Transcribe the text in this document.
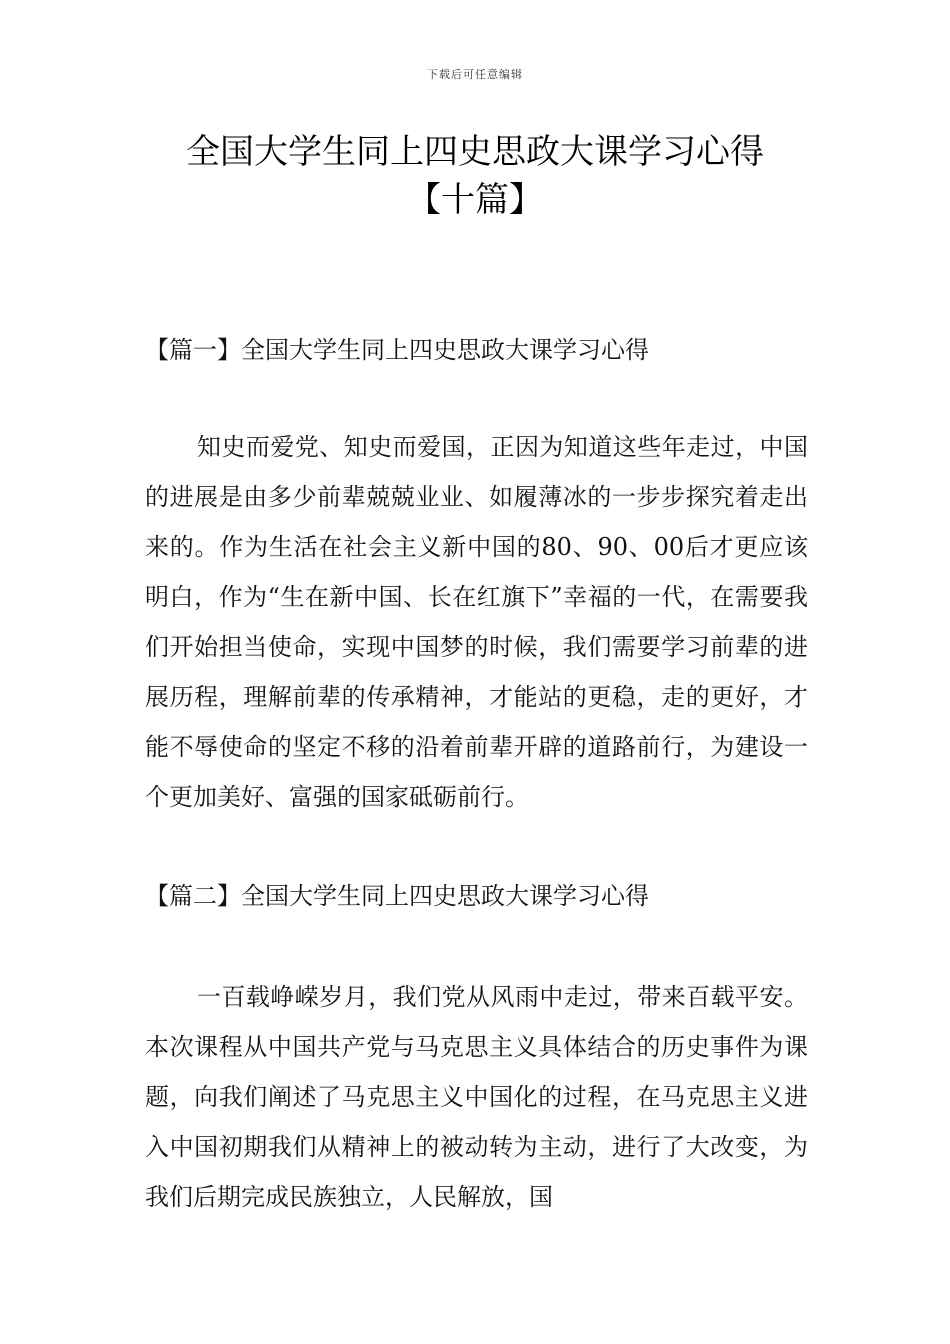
下载后可任意编辑
全国大学生同上四史思政大课学习心得
【十篇】
【篇一】全国大学生同上四史思政大课学习心得

知史而爱党、知史而爱国，正因为知道这些年走过，中国的进展是由多少前辈兢兢业业、如履薄冰的一步步探究着走出来的。作为生活在社会主义新中国的80、90、00后才更应该明白，作为“生在新中国、长在红旗下”幸福的一代，在需要我们开始担当使命，实现中国梦的时候，我们需要学习前辈的进展历程，理解前辈的传承精神，才能站的更稳，走的更好，才能不辱使命的坚定不移的沿着前辈开辟的道路前行，为建设一个更加美好、富强的国家砥砺前行。

【篇二】全国大学生同上四史思政大课学习心得

一百载峥嵘岁月，我们党从风雨中走过，带来百载平安。本次课程从中国共产党与马克思主义具体结合的历史事件为课题，向我们阐述了马克思主义中国化的过程，在马克思主义进入中国初期我们从精神上的被动转为主动，进行了大改变，为我们后期完成民族独立，人民解放，国
